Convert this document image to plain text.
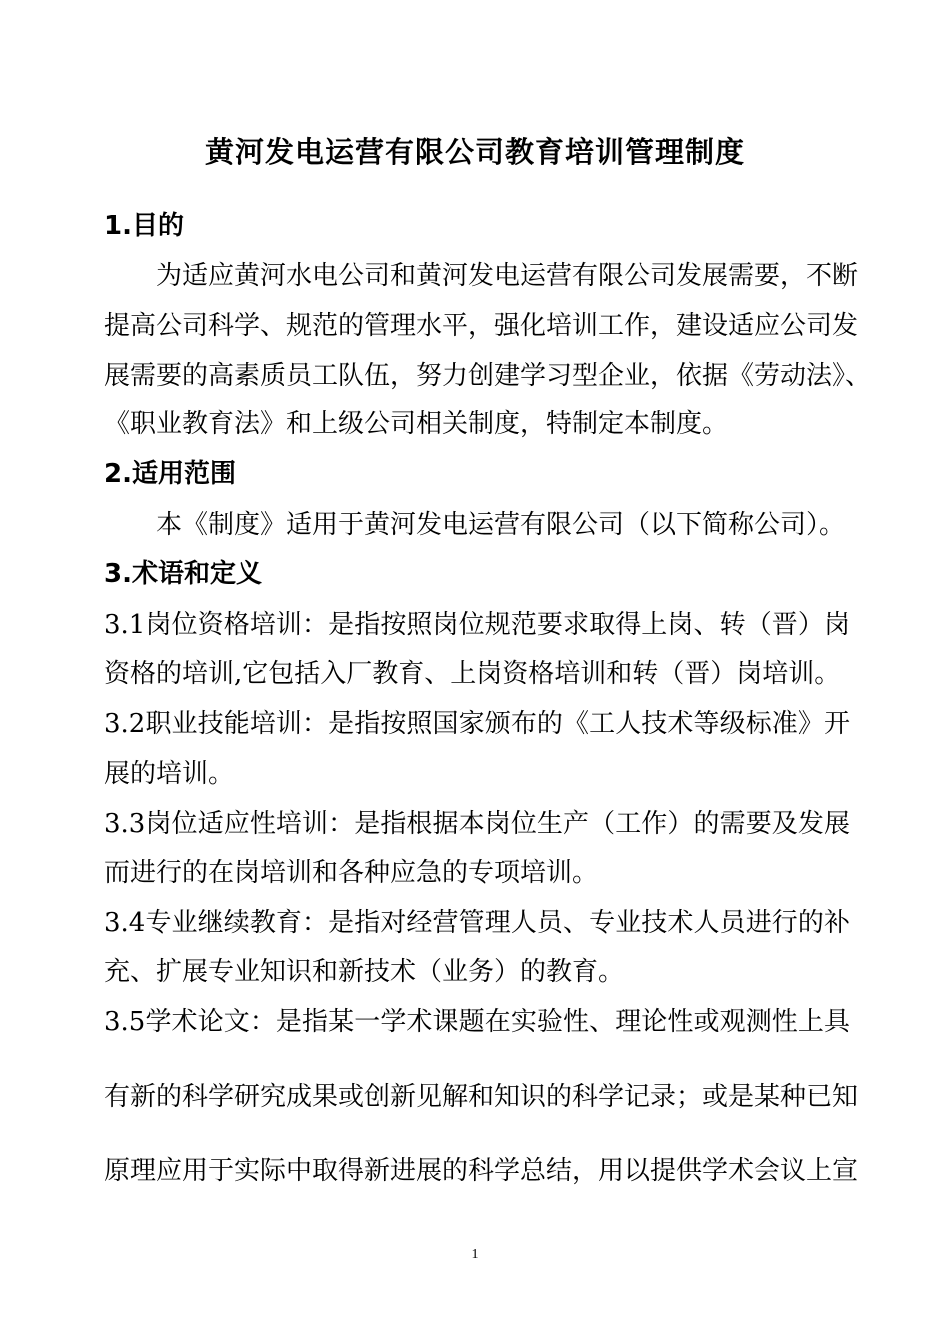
黄河发电运营有限公司教育培训管理制度
1.目的
为适应黄河水电公司和黄河发电运营有限公司发展需要，不断
提高公司科学、规范的管理水平，强化培训工作，建设适应公司发
展需要的高素质员工队伍，努力创建学习型企业，依据《劳动法》、
《职业教育法》和上级公司相关制度，特制定本制度。
2.适用范围
本《制度》适用于黄河发电运营有限公司（以下简称公司）。
3.术语和定义
3.1岗位资格培训：是指按照岗位规范要求取得上岗、转（晋）岗
资格的培训,它包括入厂教育、上岗资格培训和转（晋）岗培训。
3.2职业技能培训：是指按照国家颁布的《工人技术等级标准》开
展的培训。
3.3岗位适应性培训：是指根据本岗位生产（工作）的需要及发展
而进行的在岗培训和各种应急的专项培训。
3.4专业继续教育：是指对经营管理人员、专业技术人员进行的补
充、扩展专业知识和新技术（业务）的教育。
3.5学术论文：是指某一学术课题在实验性、理论性或观测性上具
有新的科学研究成果或创新见解和知识的科学记录；或是某种已知
原理应用于实际中取得新进展的科学总结，用以提供学术会议上宣
1
